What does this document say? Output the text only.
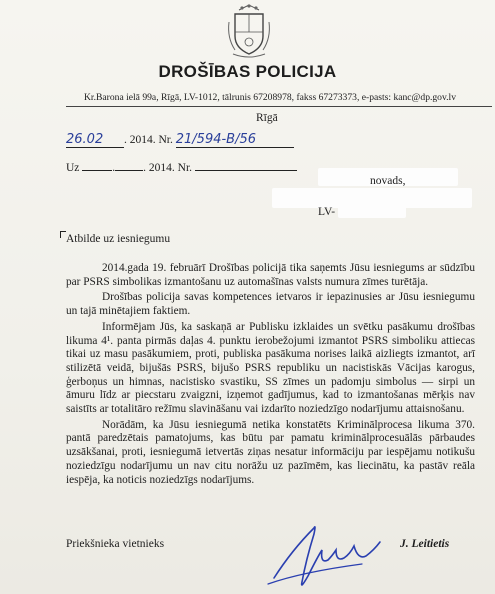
DROŠĪBAS POLICIJA
Kr.Barona ielā 99a, Rīgā, LV-1012, tālrunis 67208978, fakss 67273373, e-pasts: kanc@dp.gov.lv
Rīgā
26.02 . 2014. Nr. 21/594-B/56
Uz	. . 2014. Nr.
novads,
LV-
Atbilde uz iesniegumu

2014.gada 19. februārī Drošības policijā tika saņemts Jūsu iesniegums ar sūdzību par PSRS simbolikas izmantošanu uz automašīnas valsts numura zīmes turētāja.

Drošības policija savas kompetences ietvaros ir iepazinusies ar Jūsu iesniegumu un tajā minētajiem faktiem.

Informējam Jūs, ka saskaņā ar Publisku izklaides un svētku pasākumu drošības likuma 4¹. panta pirmās daļas 4. punktu ierobežojumi izmantot PSRS simboliku attiecas tikai uz masu pasākumiem, proti, publiska pasākuma norises laikā aizliegts izmantot, arī stilizētā veidā, bijušās PSRS, bijušo PSRS republiku un nacistiskās Vācijas karogus, ģerboņus un himnas, nacistisko svastiku, SS zīmes un padomju simbolus — sirpi un āmuru līdz ar piecstaru zvaigzni, izņemot gadījumus, kad to izmantošanas mērķis nav saistīts ar totalitāro režīmu slavināšanu vai izdarīto noziedzīgo nodarījumu attaisnošanu.

Norādām, ka Jūsu iesniegumā netika konstatēts Kriminālprocesa likuma 370. pantā paredzētais pamatojums, kas būtu par pamatu kriminālprocesuālās pārbaudes uzsākšanai, proti, iesniegumā ietvertās ziņas nesatur informāciju par iespējamu notikušu noziedzīgu nodarījumu un nav citu norāžu uz pazīmēm, kas liecinātu, ka pastāv reāla iespēja, ka noticis noziedzīgs nodarījums.

Priekšnieka vietnieks	J. Leitietis
